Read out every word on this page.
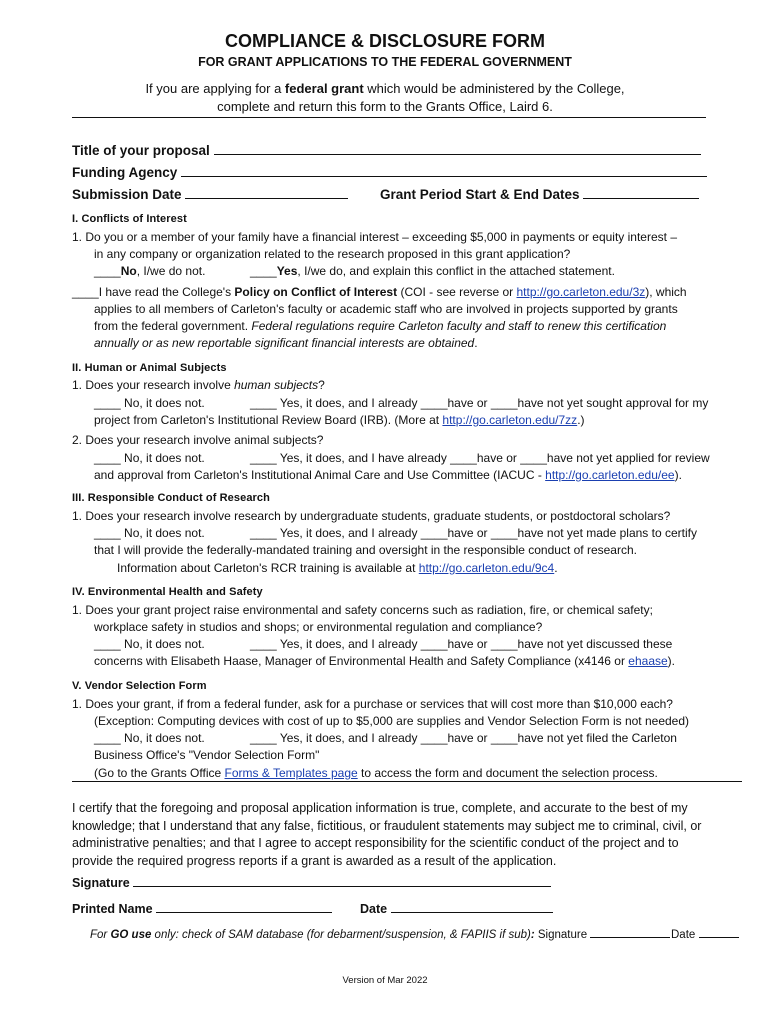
COMPLIANCE & DISCLOSURE FORM
FOR GRANT APPLICATIONS TO THE FEDERAL GOVERNMENT
If you are applying for a federal grant which would be administered by the College,
complete and return this form to the Grants Office, Laird 6.
Title of your proposal
Funding Agency
Submission Date	Grant Period Start & End Dates
I. Conflicts of Interest
1. Do you or a member of your family have a financial interest – exceeding $5,000 in payments or equity interest –
in any company or organization related to the research proposed in this grant application?
____No, I/we do not.	____Yes, I/we do, and explain this conflict in the attached statement.
____I have read the College's Policy on Conflict of Interest (COI - see reverse or http://go.carleton.edu/3z), which
applies to all members of Carleton's faculty or academic staff who are involved in projects supported by grants
from the federal government. Federal regulations require Carleton faculty and staff to renew this certification
annually or as new reportable significant financial interests are obtained.
II. Human or Animal Subjects
1. Does your research involve human subjects?
____ No, it does not.	____ Yes, it does, and I already ____have or ____have not yet sought approval for my
project from Carleton's Institutional Review Board (IRB). (More at http://go.carleton.edu/7zz.)
2. Does your research involve animal subjects?
____ No, it does not.	____ Yes, it does, and I have already ____have or ____have not yet applied for review
and approval from Carleton's Institutional Animal Care and Use Committee (IACUC - http://go.carleton.edu/ee).
III. Responsible Conduct of Research
1. Does your research involve research by undergraduate students, graduate students, or postdoctoral scholars?
____ No, it does not.	____ Yes, it does, and I already ____have or ____have not yet made plans to certify
that I will provide the federally-mandated training and oversight in the responsible conduct of research.
Information about Carleton's RCR training is available at http://go.carleton.edu/9c4.
IV. Environmental Health and Safety
1. Does your grant project raise environmental and safety concerns such as radiation, fire, or chemical safety;
workplace safety in studios and shops; or environmental regulation and compliance?
____ No, it does not.	____ Yes, it does, and I already ____have or ____have not yet discussed these
concerns with Elisabeth Haase, Manager of Environmental Health and Safety Compliance (x4146 or ehaase).
V. Vendor Selection Form
1. Does your grant, if from a federal funder, ask for a purchase or services that will cost more than $10,000 each?
(Exception: Computing devices with cost of up to $5,000 are supplies and Vendor Selection Form is not needed)
____ No, it does not.	____ Yes, it does, and I already ____have or ____have not yet filed the Carleton
Business Office's "Vendor Selection Form"
(Go to the Grants Office Forms & Templates page to access the form and document the selection process.
I certify that the foregoing and proposal application information is true, complete, and accurate to the best of my knowledge; that I understand that any false, fictitious, or fraudulent statements may subject me to criminal, civil, or administrative penalties; and that I agree to accept responsibility for the scientific conduct of the project and to provide the required progress reports if a grant is awarded as a result of the application.
Signature
Printed Name	Date
For GO use only: check of SAM database (for debarment/suspension, & FAPIIS if sub): Signature	Date
Version of Mar 2022
